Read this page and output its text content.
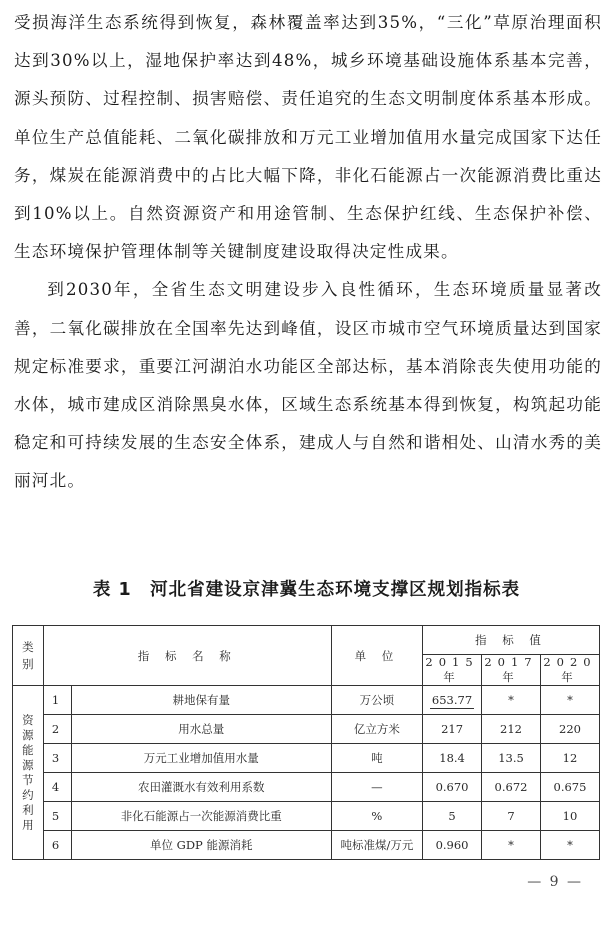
受损海洋生态系统得到恢复，森林覆盖率达到35%，“三化”草原治理面积达到30%以上，湿地保护率达到48%，城乡环境基础设施体系基本完善，源头预防、过程控制、损害赔偿、责任追究的生态文明制度体系基本形成。单位生产总值能耗、二氧化碳排放和万元工业增加值用水量完成国家下达任务，煤炭在能源消费中的占比大幅下降，非化石能源占一次能源消费比重达到10%以上。自然资源资产和用途管制、生态保护红线、生态保护补偿、生态环境保护管理体制等关键制度建设取得决定性成果。

到2030年，全省生态文明建设步入良性循环，生态环境质量显著改善，二氧化碳排放在全国率先达到峰值，设区市城市空气环境质量达到国家规定标准要求，重要江河湖泊水功能区全部达标，基本消除丧失使用功能的水体，城市建成区消除黑臭水体，区域生态系统基本得到恢复，构筑起功能稳定和可持续发展的生态安全体系，建成人与自然和谐相处、山清水秀的美丽河北。

表 1　河北省建设京津冀生态环境支撑区规划指标表
类别	指 标 名 称		单 位	指 标 值		
				2015 年	2017 年	2020 年
资源能源节约利用	1	耕地保有量	万公顷	653.77	*	*
	2	用水总量	亿立方米	217	212	220
	3	万元工业增加值用水量	吨	18.4	13.5	12
	4	农田灌溉水有效利用系数	—	0.670	0.672	0.675
	5	非化石能源占一次能源消费比重	%	5	7	10
	6	单位 GDP 能源消耗	吨标准煤/万元	0.960	*	*
— 9 —
